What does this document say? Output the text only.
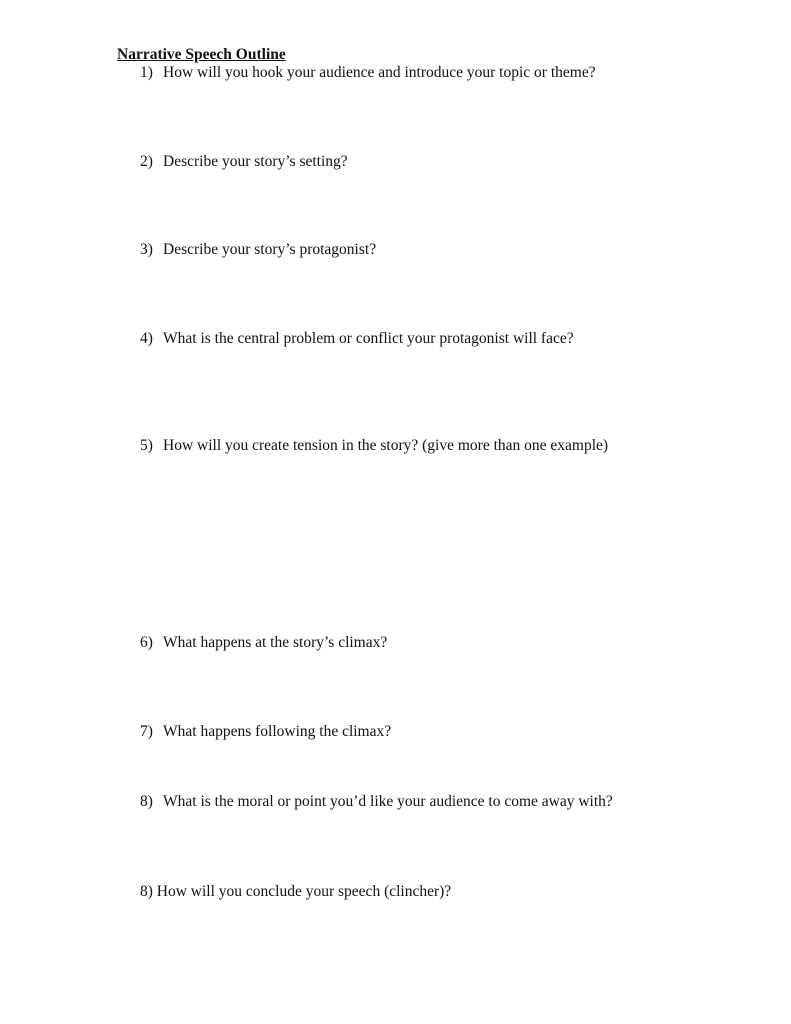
Narrative Speech Outline
1) How will you hook your audience and introduce your topic or theme?
2) Describe your story’s setting?
3) Describe your story’s protagonist?
4) What is the central problem or conflict your protagonist will face?
5) How will you create tension in the story? (give more than one example)
6) What happens at the story’s climax?
7) What happens following the climax?
8) What is the moral or point you’d like your audience to come away with?
8) How will you conclude your speech (clincher)?
